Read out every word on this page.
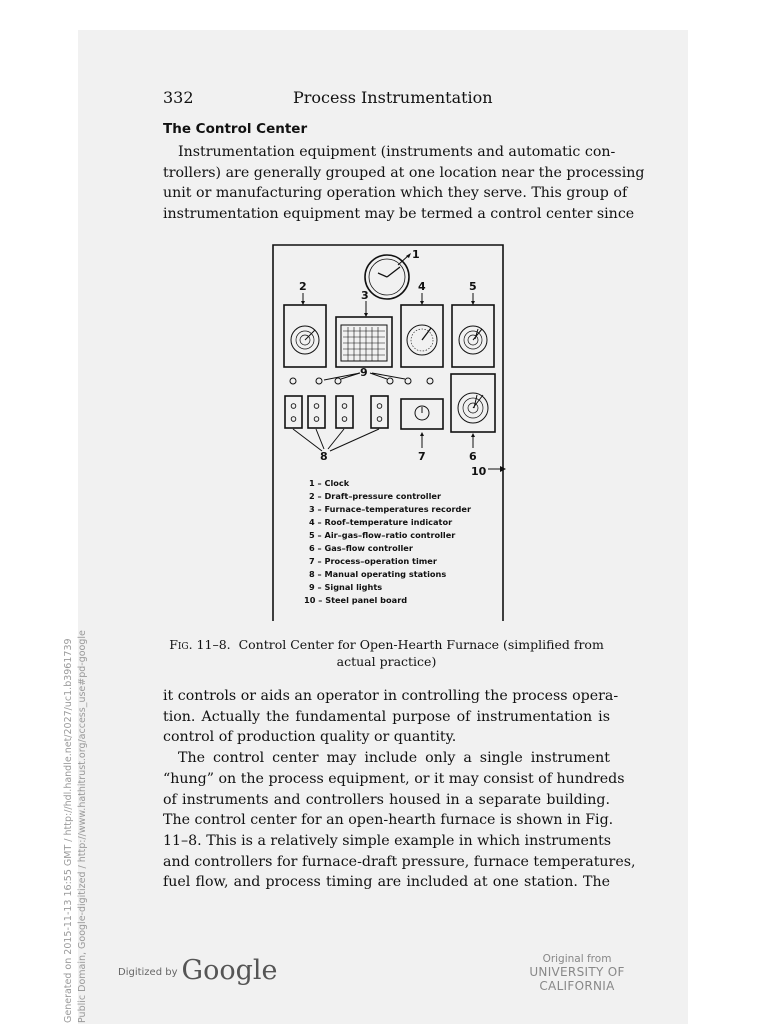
Generated on 2015-11-13 16:55 GMT / http://hdl.handle.net/2027/uc1.b3961739 Public Domain, Google-digitized / http://www.hathitrust.org/access_use#pd-google
332	Process Instrumentation
The Control Center
Instrumentation equipment (instruments and automatic con-
trollers) are generally grouped at one location near the processing
unit or manufacturing operation which they serve. This group of
instrumentation equipment may be termed a control center since
1
2
3
4	5
9
8	7	6
10
1 – Clock
2 – Draft–pressure controller
3 – Furnace–temperatures recorder
4 – Roof–temperature indicator
5 – Air–gas–flow–ratio controller
6 – Gas–flow controller
7 – Process–operation timer
8 – Manual operating stations
9 – Signal lights
10 – Steel panel board
Fig. 11–8. Control Center for Open-Hearth Furnace (simplified from
actual practice)
it controls or aids an operator in controlling the process opera-
tion. Actually the fundamental purpose of instrumentation is
control of production quality or quantity.
The control center may include only a single instrument
“hung” on the process equipment, or it may consist of hundreds
of instruments and controllers housed in a separate building.
The control center for an open-hearth furnace is shown in Fig.
11–8. This is a relatively simple example in which instruments
and controllers for furnace-draft pressure, furnace temperatures,
fuel flow, and process timing are included at one station. The
$^{Digitized by}$ Google	Original from
UNIVERSITY OF CALIFORNIA
